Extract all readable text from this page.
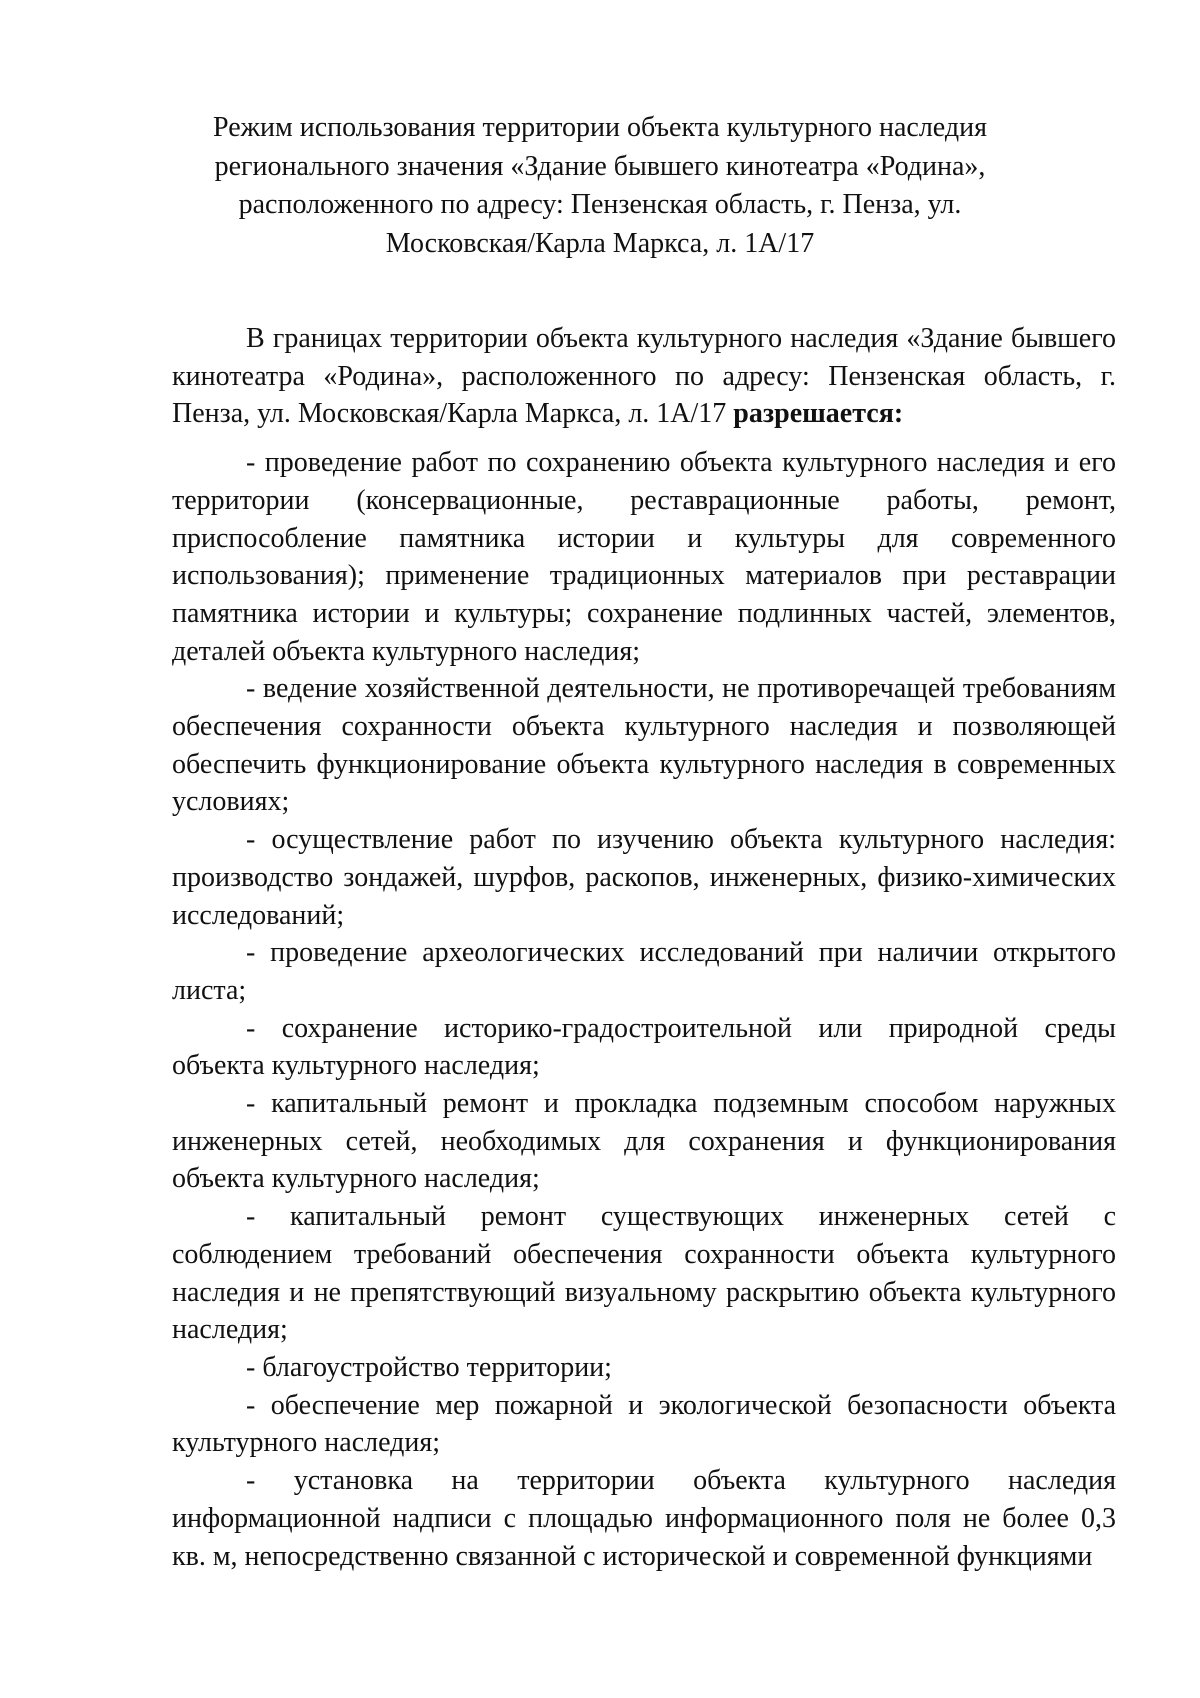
Режим использования территории объекта культурного наследия
регионального значения «Здание бывшего кинотеатра «Родина»,
расположенного по адресу: Пензенская область, г. Пенза, ул.
Московская/Карла Маркса, л. 1А/17

В границах территории объекта культурного наследия «Здание бывшего кинотеатра «Родина», расположенного по адресу: Пензенская область, г. Пенза, ул. Московская/Карла Маркса, л. 1А/17 разрешается:

- проведение работ по сохранению объекта культурного наследия и его территории (консервационные, реставрационные работы, ремонт, приспособление памятника истории и культуры для современного использования); применение традиционных материалов при реставрации памятника истории и культуры; сохранение подлинных частей, элементов, деталей объекта культурного наследия;

- ведение хозяйственной деятельности, не противоречащей требованиям обеспечения сохранности объекта культурного наследия и позволяющей обеспечить функционирование объекта культурного наследия в современных условиях;

- осуществление работ по изучению объекта культурного наследия: производство зондажей, шурфов, раскопов, инженерных, физико-химических исследований;

- проведение археологических исследований при наличии открытого листа;

- сохранение историко-градостроительной или природной среды объекта культурного наследия;

- капитальный ремонт и прокладка подземным способом наружных инженерных сетей, необходимых для сохранения и функционирования объекта культурного наследия;

- капитальный ремонт существующих инженерных сетей с соблюдением требований обеспечения сохранности объекта культурного наследия и не препятствующий визуальному раскрытию объекта культурного наследия;

- благоустройство территории;

- обеспечение мер пожарной и экологической безопасности объекта культурного наследия;

- установка на территории объекта культурного наследия информационной надписи с площадью информационного поля не более 0,3 кв. м, непосредственно связанной с исторической и современной функциями
